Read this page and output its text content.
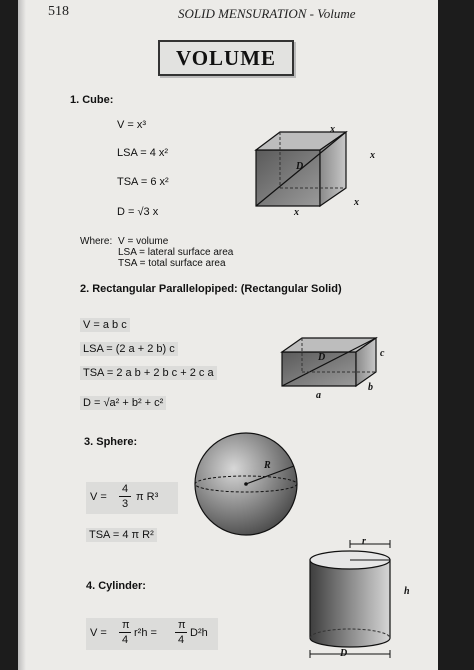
518	SOLID MENSURATION - Volume
VOLUME
1. Cube:
V = x³
LSA = 4 x²
TSA = 6 x²
D = √3 x
x
x
D
x
x
Where: V = volume
LSA = lateral surface area
TSA = total surface area
2. Rectangular Parallelopiped: (Rectangular Solid)
V = a b c
LSA = (2 a + 2 b) c
TSA = 2 a b + 2 b c + 2 c a
D = √a² + b² + c²
c
D
b
a
3. Sphere:
V =
4
3
π R³
TSA = 4 π R²
R
4. Cylinder:
V =
π
4
r²h =
π
4
D²h
r
h
D
